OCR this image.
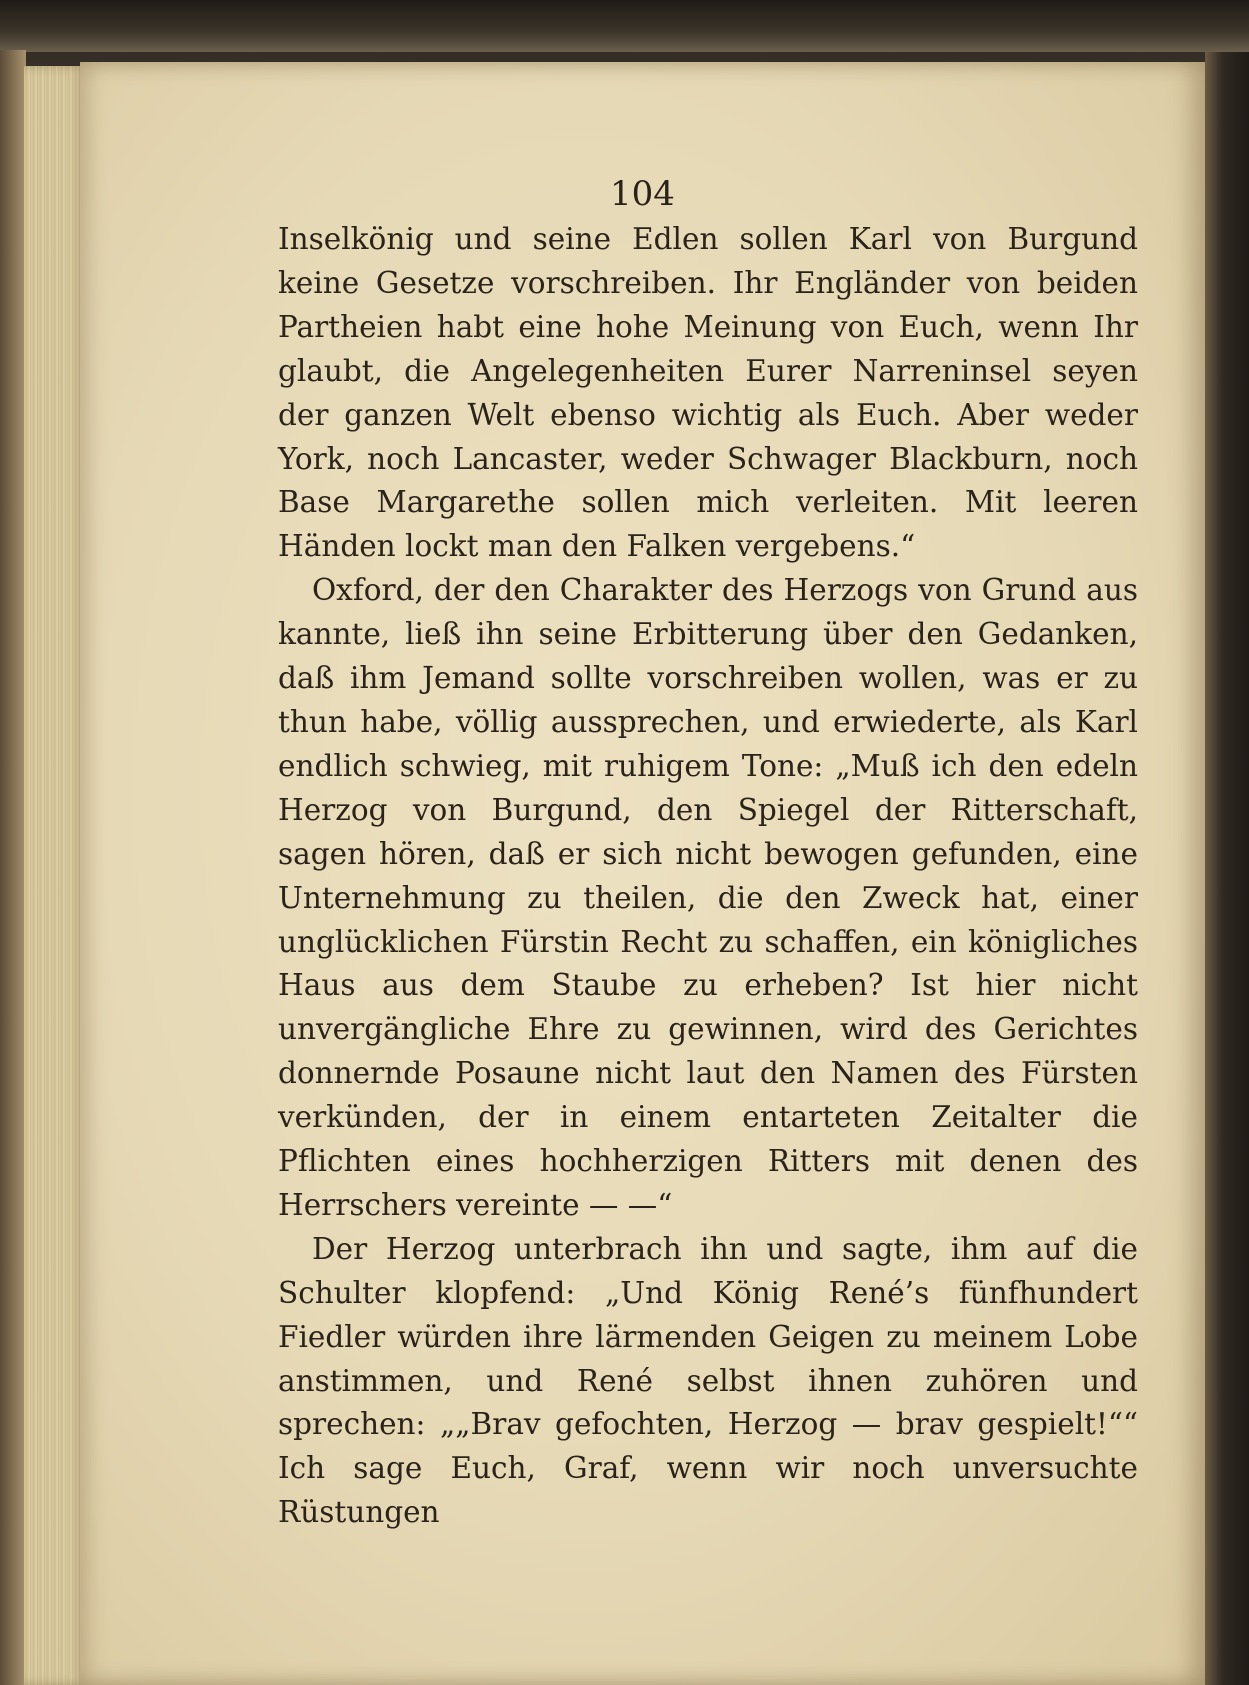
104

Inselkönig und seine Edlen sollen Karl von Burgund keine Gesetze vorschreiben. Ihr Engländer von beiden Partheien habt eine hohe Meinung von Euch, wenn Ihr glaubt, die Angelegenheiten Eurer Narreninsel seyen der ganzen Welt ebenso wichtig als Euch. Aber weder York, noch Lancaster, weder Schwager Blackburn, noch Base Margarethe sollen mich verleiten. Mit leeren Händen lockt man den Falken vergebens.“

Oxford, der den Charakter des Herzogs von Grund aus kannte, ließ ihn seine Erbitterung über den Gedanken, daß ihm Jemand sollte vorschreiben wollen, was er zu thun habe, völlig aussprechen, und erwiederte, als Karl endlich schwieg, mit ruhigem Tone: „Muß ich den edeln Herzog von Burgund, den Spiegel der Ritterschaft, sagen hören, daß er sich nicht bewogen gefunden, eine Unternehmung zu theilen, die den Zweck hat, einer unglücklichen Fürstin Recht zu schaffen, ein königliches Haus aus dem Staube zu erheben? Ist hier nicht unvergängliche Ehre zu gewinnen, wird des Gerichtes donnernde Posaune nicht laut den Namen des Fürsten verkünden, der in einem entarteten Zeitalter die Pflichten eines hochherzigen Ritters mit denen des Herrschers vereinte — —“

Der Herzog unterbrach ihn und sagte, ihm auf die Schulter klopfend: „Und König René’s fünfhundert Fiedler würden ihre lärmenden Geigen zu meinem Lobe anstimmen, und René selbst ihnen zuhören und sprechen: „„Brav gefochten, Herzog — brav gespielt!““ Ich sage Euch, Graf, wenn wir noch unversuchte Rüstungen
